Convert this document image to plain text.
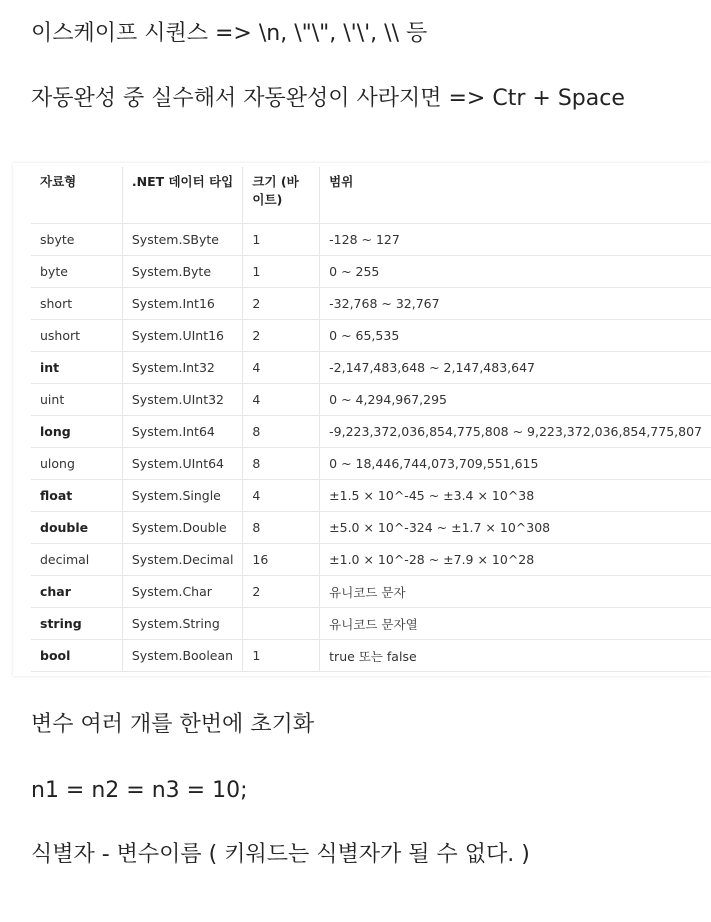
이스케이프 시퀀스 => \n, \"\", \'\', \\ 등
자동완성 중 실수해서 자동완성이 사라지면 => Ctr + Space
자료형	.NET 데이터 타입	크기 (바이트)	범위
sbyte	System.SByte	1	-128 ~ 127
byte	System.Byte	1	0 ~ 255
short	System.Int16	2	-32,768 ~ 32,767
ushort	System.UInt16	2	0 ~ 65,535
int	System.Int32	4	-2,147,483,648 ~ 2,147,483,647
uint	System.UInt32	4	0 ~ 4,294,967,295
long	System.Int64	8	-9,223,372,036,854,775,808 ~ 9,223,372,036,854,775,807
ulong	System.UInt64	8	0 ~ 18,446,744,073,709,551,615
float	System.Single	4	±1.5 × 10^-45 ~ ±3.4 × 10^38
double	System.Double	8	±5.0 × 10^-324 ~ ±1.7 × 10^308
decimal	System.Decimal	16	±1.0 × 10^-28 ~ ±7.9 × 10^28
char	System.Char	2	유니코드 문자
string	System.String		유니코드 문자열
bool	System.Boolean	1	true 또는 false
변수 여러 개를 한번에 초기화
n1 = n2 = n3 = 10;
식별자 - 변수이름 ( 키워드는 식별자가 될 수 없다. )
